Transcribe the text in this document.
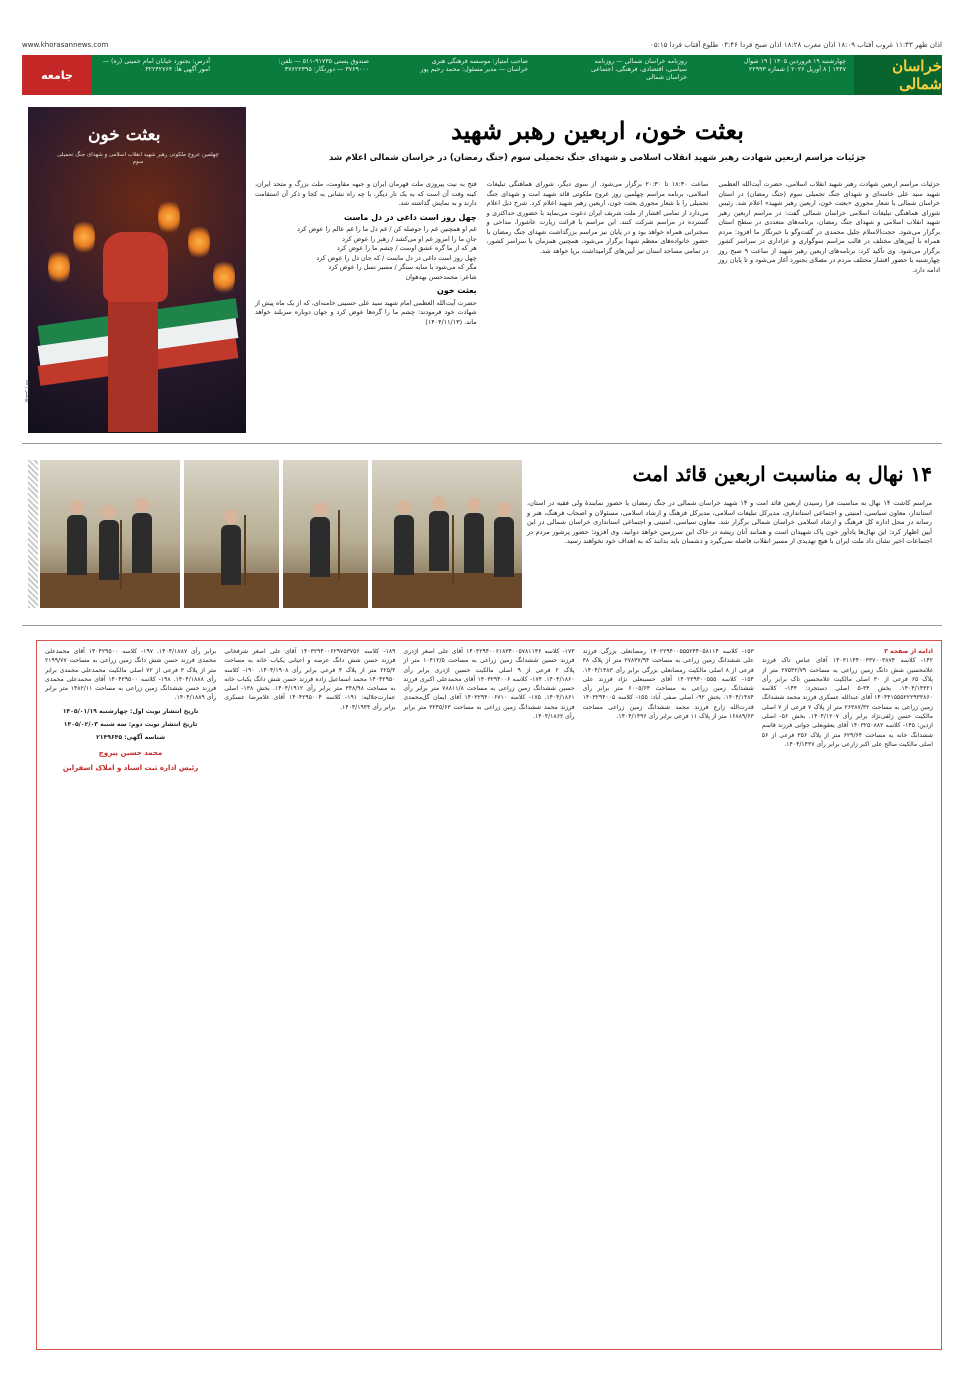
www.khorasannews.com	اذان ظهر ۱۱:۴۳ غروب آفتاب ۱۸:۰۹ اذان مغرب ۱۸:۲۸ اذان صبح فردا ۰۴:۴۶ طلوع آفتاب فردا ۰۵:۱۵
خراسان شمالی
چهارشنبه ۱۹ فروردین ۱۴۰۵ | ۱۹ شوال ۱۴۴۷ | ۸ آوریل ۲۰۲۶ | شماره ۲۲۹۹۳
روزنامه خراسان شمالی — روزنامه سیاسی، اقتصادی، فرهنگی، اجتماعی خراسان شمالی
صاحب امتیاز: موسسه فرهنگی هنری خراسان — مدیر مسئول: محمد رحیم پور
صندوق پستی ۹۱۷۳۵-۵۱۱ — تلفن: ۳۷۶۹۰۰۰ — دورنگار: ۳۷۶۲۲۳۹۵
آدرس: بجنورد خیابان امام خمینی (ره) — امور آگهی ها: ۳۲۲۴۲۷۶۴
جامعه
بعثت خون، اربعین رهبر شهید
جزئیات مراسم اربعین شهادت رهبر شهید انقلاب اسلامی و شهدای جنگ تحمیلی سوم (جنگ رمضان) در خراسان شمالی اعلام شد
بعثت خون
چهلمین عروج ملکوتی رهبر شهید انقلاب اسلامی و شهدای جنگ تحمیلی سوم
پوستر | ۸۸
جزئیات مراسم اربعین شهادت رهبر شهید انقلاب اسلامی، حضرت آیت‌الله العظمی شهید سید علی خامنه‌ای و شهدای جنگ تحمیلی سوم (جنگ رمضان) در استان خراسان شمالی با شعار محوری «بعثت خون، اربعین رهبر شهید» اعلام شد. رئیس شورای هماهنگی تبلیغات اسلامی خراسان شمالی گفت: در مراسم اربعین رهبر شهید انقلاب اسلامی و شهدای جنگ رمضان، برنامه‌های متعددی در سطح استان برگزار می‌شود. حجت‌الاسلام جلیل محمدی در گفت‌وگو با خبرنگار ما افزود: مردم همراه با آیین‌های مختلف در قالب مراسم سوگواری و عزاداری در سراسر کشور برگزار می‌شود. وی تأکید کرد: برنامه‌های اربعین رهبر شهید از ساعت ۹ صبح روز چهارشنبه با حضور اقشار مختلف مردم در مصلای بجنورد آغاز می‌شود و تا پایان روز ادامه دارد.
ساعت ۱۸:۳۰ تا ۲۰:۳۰ برگزار می‌شود. از سوی دیگر، شورای هماهنگی تبلیغات اسلامی، برنامه مراسم چهلمین روز عروج ملکوتی قائد شهید امت و شهدای جنگ تحمیلی را با شعار محوری بعثت خون، اربعین رهبر شهید اعلام کرد. شرح ذیل اعلام می‌دارد از تمامی اقشار از ملت شریف ایران دعوت می‌نماید با حضوری حداکثری و گسترده در مراسم شرکت کنند. این مراسم با قرائت زیارت عاشورا، مداحی و سخنرانی همراه خواهد بود و در پایان نیز مراسم بزرگداشت شهدای جنگ رمضان با حضور خانواده‌های معظم شهدا برگزار می‌شود. همچنین همزمان با سراسر کشور، در تمامی مساجد استان نیز آیین‌های گرامیداشت برپا خواهد شد.
فتح به نیت پیروزی ملت قهرمان ایران و جبهه مقاومت، ملت بزرگ و متحد ایران، کینه وفت آن است که به یک تار دیگر، با چه راه نشانی به کجا و ذکر آن استقامت دارند و به نمایش گذاشته شد.
چهل روز است داغی در دل ماست
غم او همچنین غم را حوصله کن / غم دل ما را غم عالم را عوض کرد
جانِ ما را امروز غم او می‌کشد / رهبر را عوض کرد
هر که از ما گره عشق اوست / چشم ما را عوض کرد
چهل روز است داغی در دل ماست / که جان دل را عوض کرد
مگر که می‌شود با سایه سنگر / مسیر نسل را عوض کرد
شاعر: محمدحسن بهدهوان
بعثت خون
حضرت آیت‌الله العظمی امام شهید سید علی حسینی خامنه‌ای، که از یک ماه پیش از شهادت خود فرمودند: چشم ما را گره‌ها عوض کرد و جهان دوباره سربلند خواهد ماند. (۱۴۰۴/۱۱/۱۳)
۱۴ نهال به مناسبت اربعین قائد امت
مراسم کاشت ۱۴ نهال به مناسبت فرا رسیدن اربعین قائد امت و ۱۴ شهید خراسان شمالی در جنگ رمضان با حضور نمایندهٔ ولی فقیه در استان، استاندار، معاون سیاسی، امنیتی و اجتماعی استانداری، مدیرکل تبلیغات اسلامی، مدیرکل فرهنگ و ارشاد اسلامی، مسئولان و اصحاب فرهنگ، هنر و رسانه در محل اداره کل فرهنگ و ارشاد اسلامی خراسان شمالی برگزار شد. معاون سیاسی، امنیتی و اجتماعی استانداری خراسان شمالی در این آیین اظهار کرد: این نهال‌ها یادآور خون پاک شهیدان است و همانند آنان ریشه در خاک این سرزمین خواهد دوانید. وی افزود: حضور پرشور مردم در اجتماعات اخیر نشان داد ملت ایران با هیچ تهدیدی از مسیر انقلاب فاصله نمی‌گیرد و دشمنان باید بدانند که به اهداف خود نخواهند رسید.
ادامه از صفحه ۳
۱۴۲- کلاسه ۱۴۰۳۱۱۴۴۰۰۳۳۷۰۰۳۸۷۴ آقای عباس تاک فرزند غلامحسین شش دانگ زمین زراعی به مساحت ۲۷۵۳۲/۷۹ متر از پلاک ۶۵ فرعی از ۳۰ اصلی مالکیت غلامحسین تاک برابر رأی ۱۴۰۴/۱۴۳۲۱. بخش ۳۴-۵ اصلی دستجرد: ۱۴۴- کلاسه ۱۴۰۴۴۱۵۵۵۲۲۲۹۳۳۸۶۰ آقای عبدالله عسکری فرزند محمد ششدانگ زمین زراعی به مساحت ۲۶۳۸۷/۳۲ متر از پلاک ۷ فرعی از ۷ اصلی مالکیت حسن زلفی‌نژاد برابر رأی ۱۴۰۴/۱۲۰۷. بخش ۵۶- اصلی ازدین: ۱۴۵- کلاسه ۱۴۰۳۲۵۰۸۸۲ آقای یعقوبعلی جوانی فرزند قاسم ششدانگ خانه به مساحت ۶۲۹/۶۴ متر از پلاک ۳۵۶ فرعی از ۵۶ اصلی مالکیت صالح علی اکبر زارعی برابر رأی ۱۴۰۴/۱۴۳۷.
۱۵۳- کلاسه ۱۴۰۲۲۹۴۰۰۵۵۵۲۴۴۰۵۸۱۱۴ رمضانعلی بزرگی فرزند علی ششدانگ زمین زراعی به مساحت ۲۷۸۳۷/۹۴ متر از پلاک ۳۸ فرعی از ۸ اصلی مالکیت رمضانعلی بزرگی برابر رأی ۱۴۰۴/۱۴۸۳. ۱۵۴- کلاسه ۱۴۰۲۲۹۴۰۰۵۵۵ آقای حسینعلی نژاد فرزند علی ششدانگ زمین زراعی به مساحت ۶۰۰۵/۶۴ متر برابر رأی ۱۴۰۴/۱۴۸۴. بخش ۹۲- اصلی صفی آباد: ۱۵۵- کلاسه ۱۴۰۳۲۹۴۰۰۵ قدرت‌الله زارع فرزند محمد ششدانگ زمین زراعی مساحت ۱۶۸۸۹/۶۳ متر از پلاک ۱۱ فرعی برابر رأی ۱۴۰۴/۱۴۹۶.
۱۷۳- کلاسه ۱۴۰۳۲۹۴۰۰۶۱۸۳۴۰۰۵۷۸۱۱۴۶ آقای علی اصغر اژدری فرزند حسین ششدانگ زمین زراعی به مساحت ۱۰۴۱۲/۵ متر از پلاک ۲ فرعی از ۹ اصلی مالکیت حسین اژدری برابر رأی ۱۴۰۴/۱۸۶۰. ۱۷۴- کلاسه ۱۴۰۳۲۹۴۰۰۶ آقای محمدعلی اکبری فرزند حسین ششدانگ زمین زراعی به مساحت ۷۸۸۱۱/۸ متر برابر رأی ۱۴۰۴/۱۸۶۱. ۱۷۵- کلاسه ۱۴۰۳۲۹۴۰۰۶۷۱۰ آقای ایمان گل‌محمدی فرزند محمد ششدانگ زمین زراعی به مساحت ۳۲۴۵/۶۳ متر برابر رأی ۱۴۰۴/۱۸۶۲.
۱۸۹- کلاسه ۱۴۰۳۲۹۴۰۰۶۲۹۷۵۳۷۵۶ آقای علی اصغر شرفخانی فرزند حسن شش دانگ عرصه و اعیانی یکباب خانه به مساحت ۲۲۵/۳ متر از پلاک ۴ فرعی برابر رأی ۱۴۰۴/۱۹۰۸. ۱۹۰- کلاسه ۱۴۰۴۲۹۵۰ محمد اسماعیل زاده فرزند حسن شش دانگ یکباب خانه به مساحت ۳۴۸/۹۸ متر برابر رأی ۱۴۰۴/۱۹۱۲. بخش ۱۳۸- اصلی عمارت‌جلالیه: ۱۹۱- کلاسه ۱۴۰۴۲۹۵۰۰۴ آقای غلامرضا عسکری برابر رأی ۱۴۰۴/۱۹۴۴.
برابر رأی ۱۴۰۴/۱۸۸۷. ۱۹۷- کلاسه ۱۴۰۴۲۹۵۰۰ آقای محمدعلی محمدی فرزند حسن شش دانگ زمین زراعی به مساحت ۲۱۹۹/۷۷ متر از پلاک ۳ فرعی از ۷۲ اصلی مالکیت محمدعلی محمدی برابر رأی ۱۴۰۴/۱۸۸۸. ۱۹۸- کلاسه ۱۴۰۴۲۹۵۰۰ آقای محمدعلی محمدی فرزند حسن ششدانگ زمین زراعی به مساحت ۱۴۸۲/۱۱ متر برابر رأی ۱۴۰۴/۱۸۸۹.
تاریخ انتشار نوبت اول: چهارشنبه ۱۴۰۵/۰۱/۱۹
تاریخ انتشار نوبت دوم: سه شنبه ۱۴۰۵/۰۲/۰۳
شناسه آگهی: ۲۱۴۹۶۴۵
محمد حسین پیروج
رئیس اداره ثبت اسناد و املاک اسفراین
